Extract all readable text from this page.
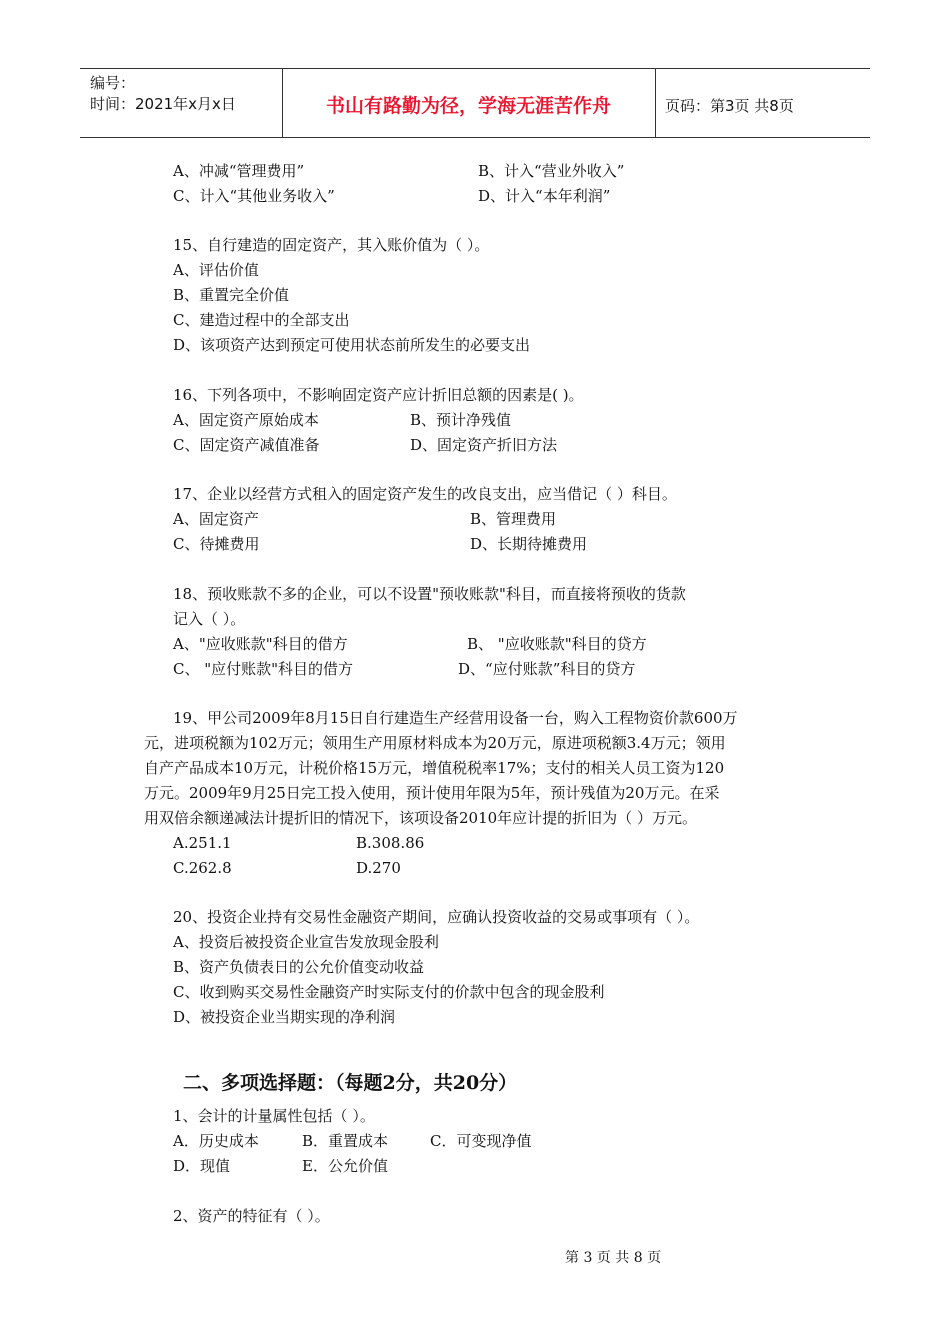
编号：
时间：2021年x月x日	书山有路勤为径，学海无涯苦作舟	页码：第3页 共8页
A、冲减“管理费用”	B、计入“营业外收入”
C、计入“其他业务收入”	D、计入“本年利润”
15、自行建造的固定资产，其入账价值为（ ）。
A、评估价值
B、重置完全价值
C、建造过程中的全部支出
D、该项资产达到预定可使用状态前所发生的必要支出
16、下列各项中，不影响固定资产应计折旧总额的因素是( )。
A、固定资产原始成本	B、预计净残值
C、固定资产减值准备	D、固定资产折旧方法
17、企业以经营方式租入的固定资产发生的改良支出，应当借记（ ）科目。
A、固定资产	B、管理费用
C、待摊费用	D、长期待摊费用
18、预收账款不多的企业，可以不设置"预收账款"科目，而直接将预收的货款
记入（ ）。
A、"应收账款"科目的借方	B、 "应收账款"科目的贷方
C、 "应付账款"科目的借方	D、“应付账款”科目的贷方
19、甲公司2009年8月15日自行建造生产经营用设备一台，购入工程物资价款600万
元，进项税额为102万元；领用生产用原材料成本为20万元，原进项税额3.4万元；领用
自产产品成本10万元，计税价格15万元，增值税税率17%；支付的相关人员工资为120
万元。2009年9月25日完工投入使用，预计使用年限为5年，预计残值为20万元。在采
用双倍余额递减法计提折旧的情况下，该项设备2010年应计提的折旧为（ ）万元。
A.251.1	B.308.86
C.262.8	D.270
20、投资企业持有交易性金融资产期间，应确认投资收益的交易或事项有（ ）。
A、投资后被投资企业宣告发放现金股利
B、资产负债表日的公允价值变动收益
C、收到购买交易性金融资产时实际支付的价款中包含的现金股利
D、被投资企业当期实现的净利润
二、多项选择题：（每题2分，共20分）
1、会计的计量属性包括（ ）。
A．历史成本	B．重置成本	C．可变现净值
D．现值	E．公允价值
2、资产的特征有（ ）。
第 3 页 共 8 页
